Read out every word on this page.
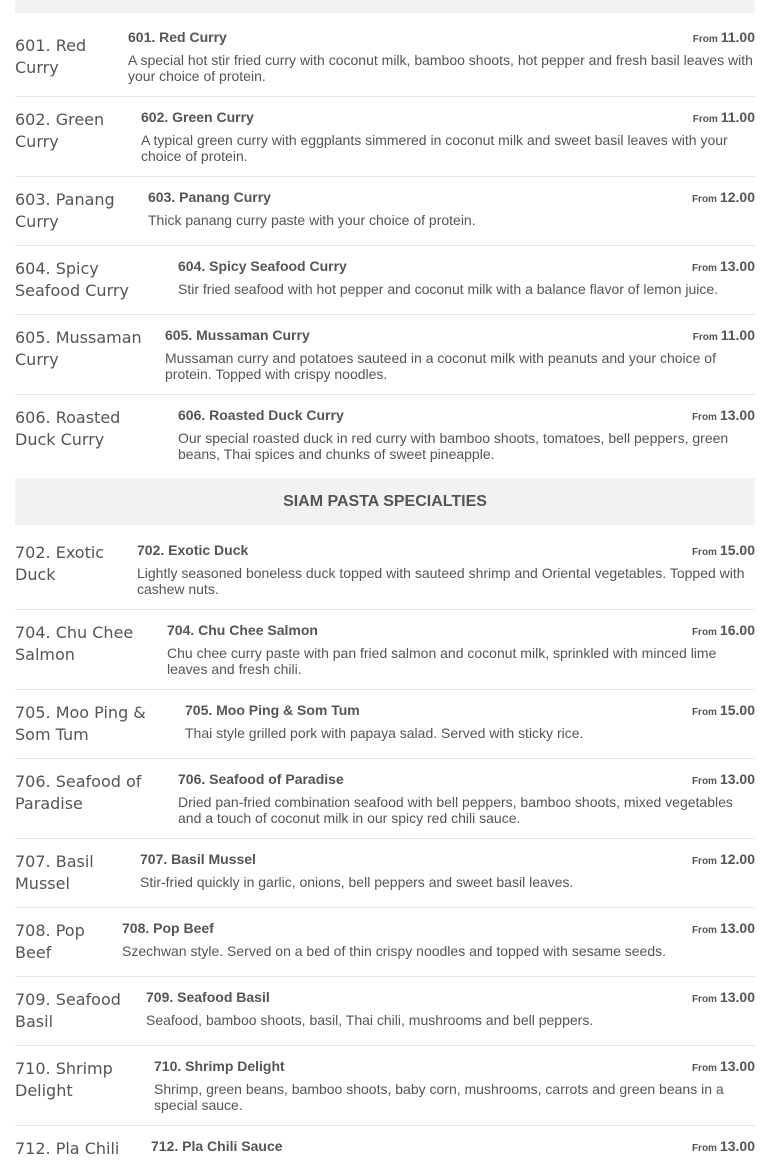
601. Red Curry
601. Red Curry	From 11.00
A special hot stir fried curry with coconut milk, bamboo shoots, hot pepper and fresh basil leaves with your choice of protein.
602. Green Curry
602. Green Curry	From 11.00
A typical green curry with eggplants simmered in coconut milk and sweet basil leaves with your choice of protein.
603. Panang Curry
603. Panang Curry	From 12.00
Thick panang curry paste with your choice of protein.
604. Spicy Seafood Curry
604. Spicy Seafood Curry	From 13.00
Stir fried seafood with hot pepper and coconut milk with a balance flavor of lemon juice.
605. Mussaman Curry
605. Mussaman Curry	From 11.00
Mussaman curry and potatoes sauteed in a coconut milk with peanuts and your choice of protein. Topped with crispy noodles.
606. Roasted Duck Curry
606. Roasted Duck Curry	From 13.00
Our special roasted duck in red curry with bamboo shoots, tomatoes, bell peppers, green beans, Thai spices and chunks of sweet pineapple.
SIAM PASTA SPECIALTIES
702. Exotic Duck
702. Exotic Duck	From 15.00
Lightly seasoned boneless duck topped with sauteed shrimp and Oriental vegetables. Topped with cashew nuts.
704. Chu Chee Salmon
704. Chu Chee Salmon	From 16.00
Chu chee curry paste with pan fried salmon and coconut milk, sprinkled with minced lime leaves and fresh chili.
705. Moo Ping & Som Tum
705. Moo Ping & Som Tum	From 15.00
Thai style grilled pork with papaya salad. Served with sticky rice.
706. Seafood of Paradise
706. Seafood of Paradise	From 13.00
Dried pan-fried combination seafood with bell peppers, bamboo shoots, mixed vegetables and a touch of coconut milk in our spicy red chili sauce.
707. Basil Mussel
707. Basil Mussel	From 12.00
Stir-fried quickly in garlic, onions, bell peppers and sweet basil leaves.
708. Pop Beef
708. Pop Beef	From 13.00
Szechwan style. Served on a bed of thin crispy noodles and topped with sesame seeds.
709. Seafood Basil
709. Seafood Basil	From 13.00
Seafood, bamboo shoots, basil, Thai chili, mushrooms and bell peppers.
710. Shrimp Delight
710. Shrimp Delight	From 13.00
Shrimp, green beans, bamboo shoots, baby corn, mushrooms, carrots and green beans in a special sauce.
712. Pla Chili	712. Pla Chili Sauce	From 13.00
